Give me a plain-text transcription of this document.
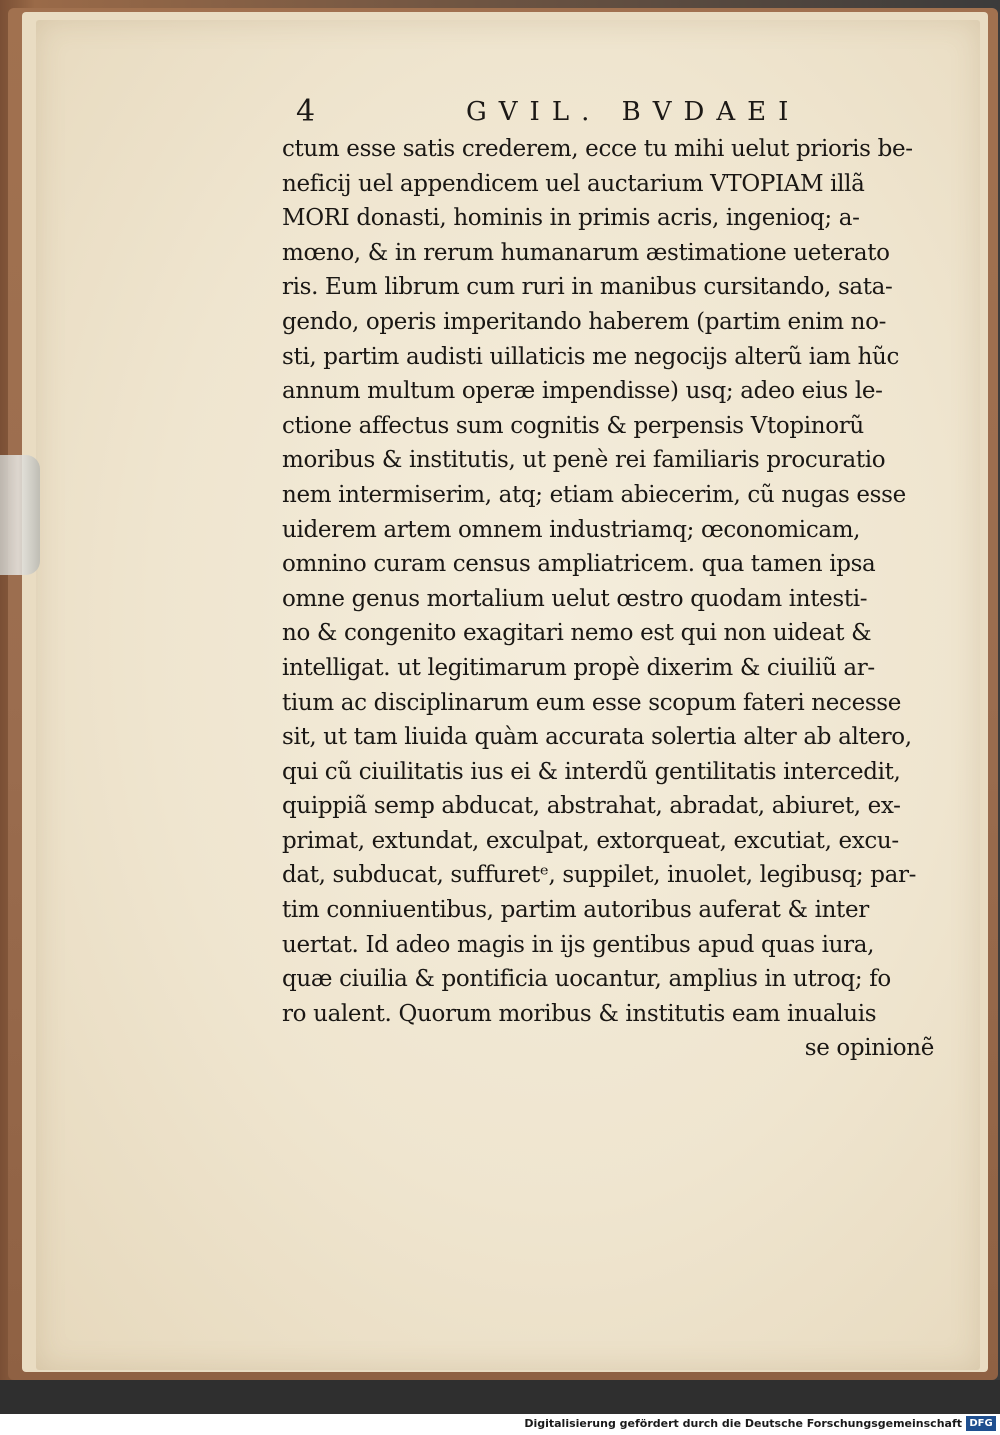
4	GVIL. BVDAEI
ctum esse satis crederem, ecce tu mihi uelut prioris be-
neficij uel appendicem uel auctarium VTOPIAM illã
MORI donasti, hominis in primis acris, ingenioq; a-
mœno, & in rerum humanarum æstimatione ueterato
ris. Eum librum cum ruri in manibus cursitando, sata-
gendo, operis imperitando haberem (partim enim no-
sti, partim audisti uillaticis me negocijs alterũ iam hũc
annum multum operæ impendisse) usq; adeo eius le-
ctione affectus sum cognitis & perpensis Vtopinorũ
moribus & institutis, ut penè rei familiaris procuratio
nem intermiserim, atq; etiam abiecerim, cũ nugas esse
uiderem artem omnem industriamq; œconomicam,
omnino curam census ampliatricem. qua tamen ipsa
omne genus mortalium uelut œstro quodam intesti-
no & congenito exagitari nemo est qui non uideat &
intelligat. ut legitimarum propè dixerim & ciuiliũ ar-
tium ac disciplinarum eum esse scopum fateri necesse
sit, ut tam liuida quàm accurata solertia alter ab altero,
qui cũ ciuilitatis ius ei & interdũ gentilitatis intercedit,
quippiã semp abducat, abstrahat, abradat, abiuret, ex-
primat, extundat, exculpat, extorqueat, excutiat, excu-
dat, subducat, suffuretᵉ, suppilet, inuolet, legibusq; par-
tim conniuentibus, partim autoribus auferat & inter
uertat. Id adeo magis in ijs gentibus apud quas iura,
quæ ciuilia & pontificia uocantur, amplius in utroq; fo
ro ualent. Quorum moribus & institutis eam inualuis
se opinionẽ
Digitalisierung gefördert durch die Deutsche Forschungsgemeinschaft DFG
